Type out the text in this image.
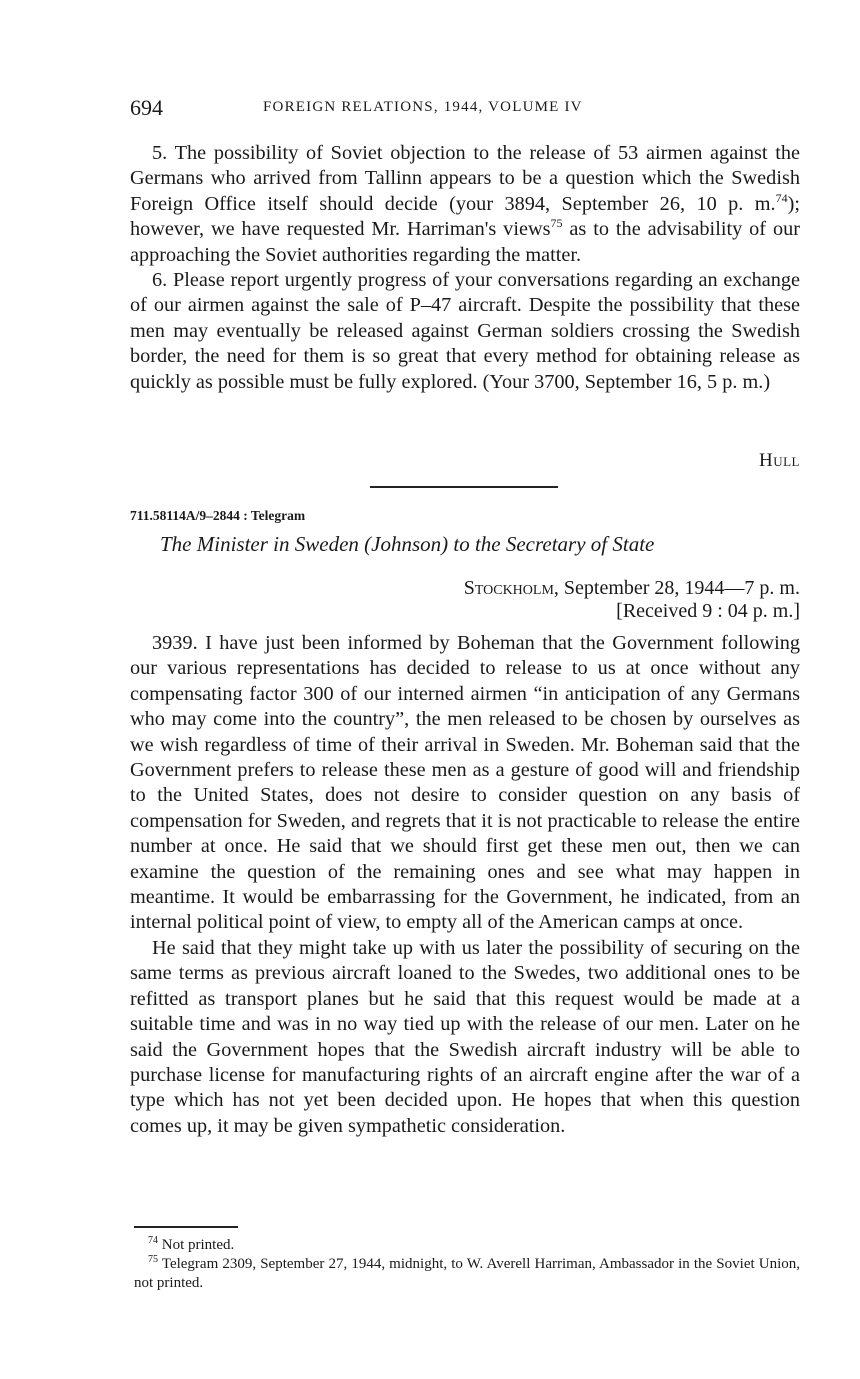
694	FOREIGN RELATIONS, 1944, VOLUME IV

5. The possibility of Soviet objection to the release of 53 airmen against the Germans who arrived from Tallinn appears to be a question which the Swedish Foreign Office itself should decide (your 3894, September 26, 10 p. m.$^{74}$); however, we have requested Mr. Harriman's views$^{75}$ as to the advisability of our approaching the Soviet authorities regarding the matter.

6. Please report urgently progress of your conversations regarding an exchange of our airmen against the sale of P–47 aircraft. Despite the possibility that these men may eventually be released against German soldiers crossing the Swedish border, the need for them is so great that every method for obtaining release as quickly as possible must be fully explored. (Your 3700, September 16, 5 p. m.)

Hull
711.58114A/9–2844 : Telegram
The Minister in Sweden (Johnson) to the Secretary of State
Stockholm, September 28, 1944—7 p. m.
[Received 9 : 04 p. m.]

3939. I have just been informed by Boheman that the Government following our various representations has decided to release to us at once without any compensating factor 300 of our interned airmen “in anticipation of any Germans who may come into the country”, the men released to be chosen by ourselves as we wish regardless of time of their arrival in Sweden. Mr. Boheman said that the Government prefers to release these men as a gesture of good will and friendship to the United States, does not desire to consider question on any basis of compensation for Sweden, and regrets that it is not practicable to release the entire number at once. He said that we should first get these men out, then we can examine the question of the remaining ones and see what may happen in meantime. It would be embarrassing for the Government, he indicated, from an internal political point of view, to empty all of the American camps at once.

He said that they might take up with us later the possibility of securing on the same terms as previous aircraft loaned to the Swedes, two additional ones to be refitted as transport planes but he said that this request would be made at a suitable time and was in no way tied up with the release of our men. Later on he said the Government hopes that the Swedish aircraft industry will be able to purchase license for manufacturing rights of an aircraft engine after the war of a type which has not yet been decided upon. He hopes that when this question comes up, it may be given sympathetic consideration.

$^{74}$ Not printed.

$^{75}$ Telegram 2309, September 27, 1944, midnight, to W. Averell Harriman, Ambassador in the Soviet Union, not printed.
